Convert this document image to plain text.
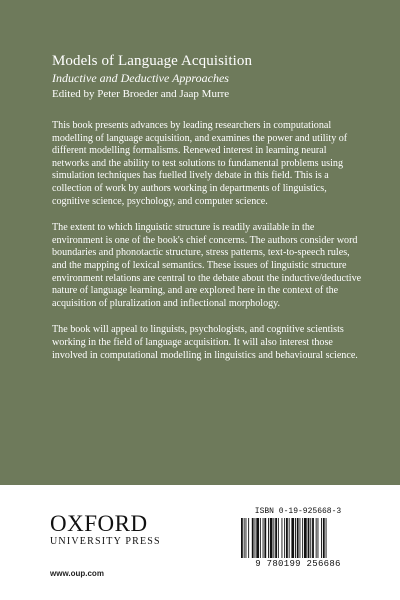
Models of Language Acquisition
Inductive and Deductive Approaches
Edited by Peter Broeder and Jaap Murre

This book presents advances by leading researchers in computational modelling of language acquisition, and examines the power and utility of different modelling formalisms. Renewed interest in learning neural networks and the ability to test solutions to fundamental problems using simulation techniques has fuelled lively debate in this field. This is a collection of work by authors working in departments of linguistics, cognitive science, psychology, and computer science.

The extent to which linguistic structure is readily available in the environment is one of the book's chief concerns. The authors consider word boundaries and phonotactic structure, stress patterns, text-to-speech rules, and the mapping of lexical semantics. These issues of linguistic structure environment relations are central to the debate about the inductive/deductive nature of language learning, and are explored here in the context of the acquisition of pluralization and inflectional morphology.

The book will appeal to linguists, psychologists, and cognitive scientists working in the field of language acquisition. It will also interest those involved in computational modelling in linguistics and behavioural science.

OXFORD
UNIVERSITY PRESS
www.oup.com
ISBN 0-19-925668-3
9 780199 256686
